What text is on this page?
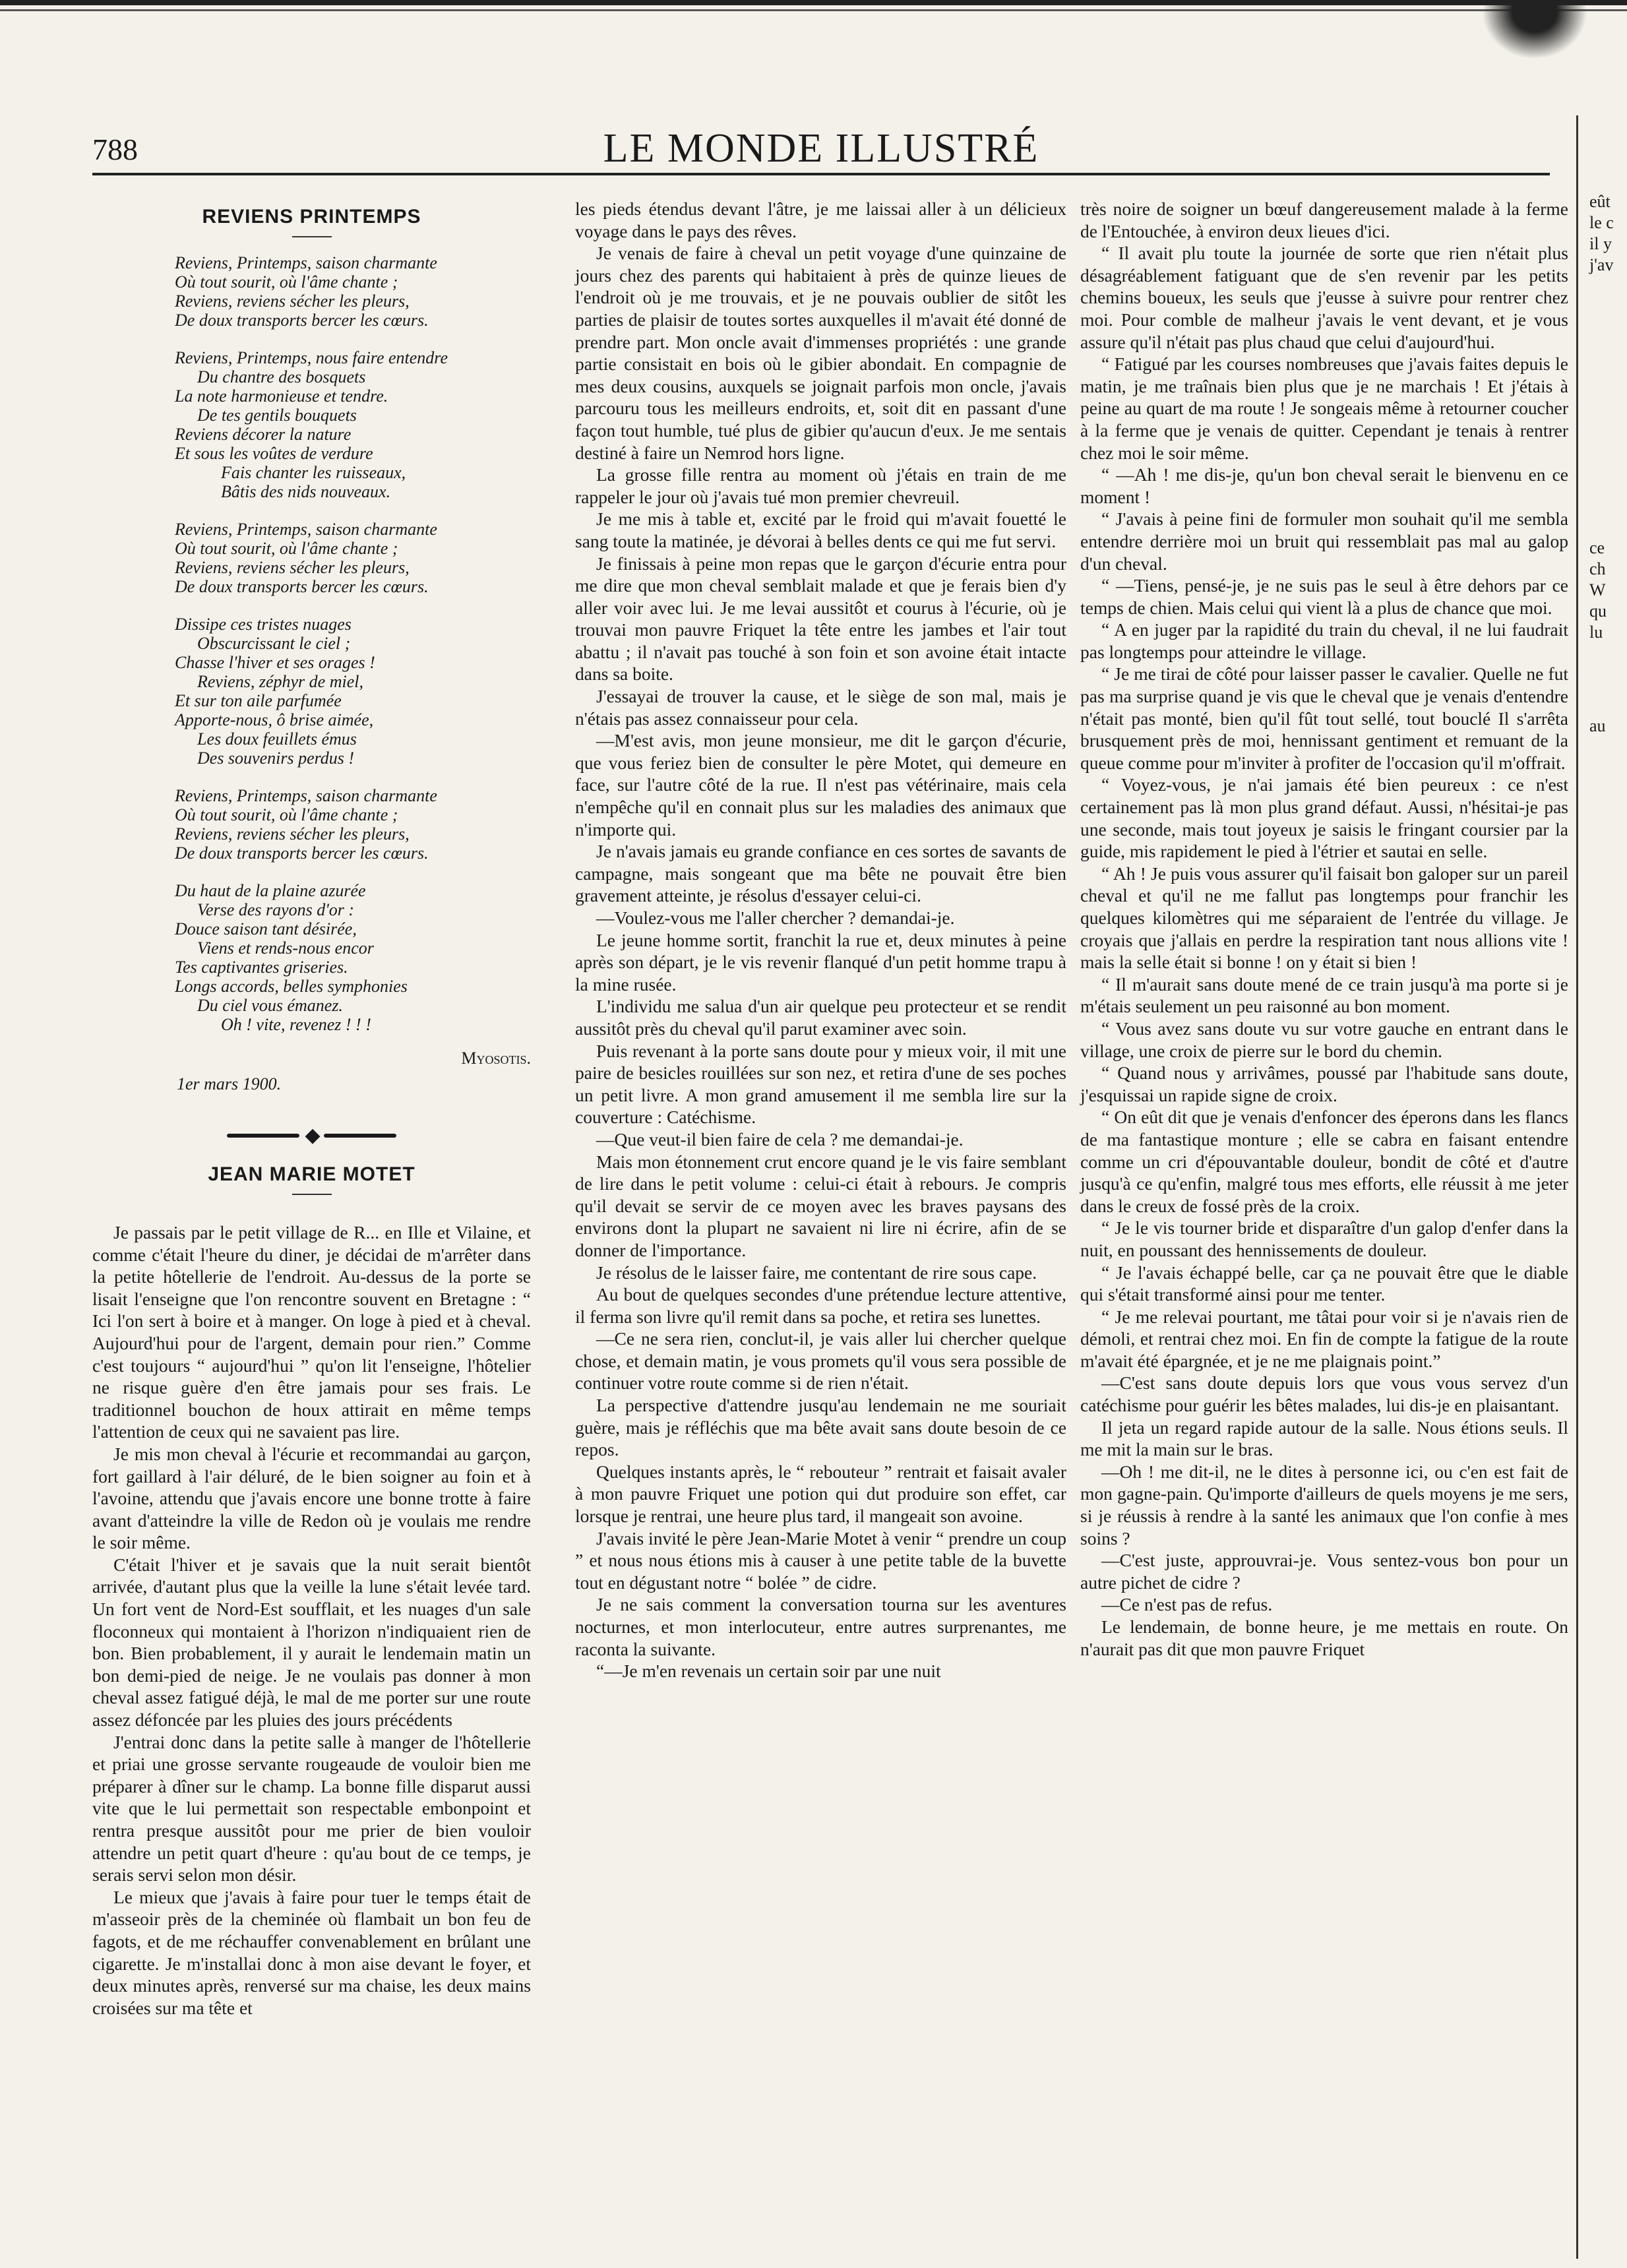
788	LE MONDE ILLUSTRÉ
REVIENS PRINTEMPS
Reviens, Printemps, saison charmante
Où tout sourit, où l'âme chante ;
Reviens, reviens sécher les pleurs,
De doux transports bercer les cœurs.
Reviens, Printemps, nous faire entendre
Du chantre des bosquets
La note harmonieuse et tendre.
De tes gentils bouquets
Reviens décorer la nature
Et sous les voûtes de verdure
Fais chanter les ruisseaux,
Bâtis des nids nouveaux.
Reviens, Printemps, saison charmante
Où tout sourit, où l'âme chante ;
Reviens, reviens sécher les pleurs,
De doux transports bercer les cœurs.
Dissipe ces tristes nuages
Obscurcissant le ciel ;
Chasse l'hiver et ses orages !
Reviens, zéphyr de miel,
Et sur ton aile parfumée
Apporte-nous, ô brise aimée,
Les doux feuillets émus
Des souvenirs perdus !
Reviens, Printemps, saison charmante
Où tout sourit, où l'âme chante ;
Reviens, reviens sécher les pleurs,
De doux transports bercer les cœurs.
Du haut de la plaine azurée
Verse des rayons d'or :
Douce saison tant désirée,
Viens et rends-nous encor
Tes captivantes griseries.
Longs accords, belles symphonies
Du ciel vous émanez.
Oh ! vite, revenez ! ! !
Myosotis.
1er mars 1900.
◆
JEAN MARIE MOTET

Je passais par le petit village de R... en Ille et Vilaine, et comme c'était l'heure du diner, je décidai de m'arrêter dans la petite hôtellerie de l'endroit. Au-dessus de la porte se lisait l'enseigne que l'on rencontre souvent en Bretagne : “ Ici l'on sert à boire et à manger. On loge à pied et à cheval. Aujourd'hui pour de l'argent, demain pour rien.” Comme c'est toujours “ aujourd'hui ” qu'on lit l'enseigne, l'hôtelier ne risque guère d'en être jamais pour ses frais. Le traditionnel bouchon de houx attirait en même temps l'attention de ceux qui ne savaient pas lire.

Je mis mon cheval à l'écurie et recommandai au garçon, fort gaillard à l'air déluré, de le bien soigner au foin et à l'avoine, attendu que j'avais encore une bonne trotte à faire avant d'atteindre la ville de Redon où je voulais me rendre le soir même.

C'était l'hiver et je savais que la nuit serait bientôt arrivée, d'autant plus que la veille la lune s'était levée tard. Un fort vent de Nord-Est soufflait, et les nuages d'un sale floconneux qui montaient à l'horizon n'indiquaient rien de bon. Bien probablement, il y aurait le lendemain matin un bon demi-pied de neige. Je ne voulais pas donner à mon cheval assez fatigué déjà, le mal de me porter sur une route assez défoncée par les pluies des jours précédents

J'entrai donc dans la petite salle à manger de l'hôtellerie et priai une grosse servante rougeaude de vouloir bien me préparer à dîner sur le champ. La bonne fille disparut aussi vite que le lui permettait son respectable embonpoint et rentra presque aussitôt pour me prier de bien vouloir attendre un petit quart d'heure : qu'au bout de ce temps, je serais servi selon mon désir.

Le mieux que j'avais à faire pour tuer le temps était de m'asseoir près de la cheminée où flambait un bon feu de fagots, et de me réchauffer convenablement en brûlant une cigarette. Je m'installai donc à mon aise devant le foyer, et deux minutes après, renversé sur ma chaise, les deux mains croisées sur ma tête et

les pieds étendus devant l'âtre, je me laissai aller à un délicieux voyage dans le pays des rêves.

Je venais de faire à cheval un petit voyage d'une quinzaine de jours chez des parents qui habitaient à près de quinze lieues de l'endroit où je me trouvais, et je ne pouvais oublier de sitôt les parties de plaisir de toutes sortes auxquelles il m'avait été donné de prendre part. Mon oncle avait d'immenses propriétés : une grande partie consistait en bois où le gibier abondait. En compagnie de mes deux cousins, auxquels se joignait parfois mon oncle, j'avais parcouru tous les meilleurs endroits, et, soit dit en passant d'une façon tout humble, tué plus de gibier qu'aucun d'eux. Je me sentais destiné à faire un Nemrod hors ligne.

La grosse fille rentra au moment où j'étais en train de me rappeler le jour où j'avais tué mon premier chevreuil.

Je me mis à table et, excité par le froid qui m'avait fouetté le sang toute la matinée, je dévorai à belles dents ce qui me fut servi.

Je finissais à peine mon repas que le garçon d'écurie entra pour me dire que mon cheval semblait malade et que je ferais bien d'y aller voir avec lui. Je me levai aussitôt et courus à l'écurie, où je trouvai mon pauvre Friquet la tête entre les jambes et l'air tout abattu ; il n'avait pas touché à son foin et son avoine était intacte dans sa boite.

J'essayai de trouver la cause, et le siège de son mal, mais je n'étais pas assez connaisseur pour cela.

—M'est avis, mon jeune monsieur, me dit le garçon d'écurie, que vous feriez bien de consulter le père Motet, qui demeure en face, sur l'autre côté de la rue. Il n'est pas vétérinaire, mais cela n'empêche qu'il en connait plus sur les maladies des animaux que n'importe qui.

Je n'avais jamais eu grande confiance en ces sortes de savants de campagne, mais songeant que ma bête ne pouvait être bien gravement atteinte, je résolus d'essayer celui-ci.

—Voulez-vous me l'aller chercher ? demandai-je.

Le jeune homme sortit, franchit la rue et, deux minutes à peine après son départ, je le vis revenir flanqué d'un petit homme trapu à la mine rusée.

L'individu me salua d'un air quelque peu protecteur et se rendit aussitôt près du cheval qu'il parut examiner avec soin.

Puis revenant à la porte sans doute pour y mieux voir, il mit une paire de besicles rouillées sur son nez, et retira d'une de ses poches un petit livre. A mon grand amusement il me sembla lire sur la couverture : Catéchisme.

—Que veut-il bien faire de cela ? me demandai-je.

Mais mon étonnement crut encore quand je le vis faire semblant de lire dans le petit volume : celui-ci était à rebours. Je compris qu'il devait se servir de ce moyen avec les braves paysans des environs dont la plupart ne savaient ni lire ni écrire, afin de se donner de l'importance.

Je résolus de le laisser faire, me contentant de rire sous cape.

Au bout de quelques secondes d'une prétendue lecture attentive, il ferma son livre qu'il remit dans sa poche, et retira ses lunettes.

—Ce ne sera rien, conclut-il, je vais aller lui chercher quelque chose, et demain matin, je vous promets qu'il vous sera possible de continuer votre route comme si de rien n'était.

La perspective d'attendre jusqu'au lendemain ne me souriait guère, mais je réfléchis que ma bête avait sans doute besoin de ce repos.

Quelques instants après, le “ rebouteur ” rentrait et faisait avaler à mon pauvre Friquet une potion qui dut produire son effet, car lorsque je rentrai, une heure plus tard, il mangeait son avoine.

J'avais invité le père Jean-Marie Motet à venir “ prendre un coup ” et nous nous étions mis à causer à une petite table de la buvette tout en dégustant notre “ bolée ” de cidre.

Je ne sais comment la conversation tourna sur les aventures nocturnes, et mon interlocuteur, entre autres surprenantes, me raconta la suivante.

“—Je m'en revenais un certain soir par une nuit

très noire de soigner un bœuf dangereusement malade à la ferme de l'Entouchée, à environ deux lieues d'ici.

“ Il avait plu toute la journée de sorte que rien n'était plus désagréablement fatiguant que de s'en revenir par les petits chemins boueux, les seuls que j'eusse à suivre pour rentrer chez moi. Pour comble de malheur j'avais le vent devant, et je vous assure qu'il n'était pas plus chaud que celui d'aujourd'hui.

“ Fatigué par les courses nombreuses que j'avais faites depuis le matin, je me traînais bien plus que je ne marchais ! Et j'étais à peine au quart de ma route ! Je songeais même à retourner coucher à la ferme que je venais de quitter. Cependant je tenais à rentrer chez moi le soir même.

“ —Ah ! me dis-je, qu'un bon cheval serait le bienvenu en ce moment !

“ J'avais à peine fini de formuler mon souhait qu'il me sembla entendre derrière moi un bruit qui ressemblait pas mal au galop d'un cheval.

“ —Tiens, pensé-je, je ne suis pas le seul à être dehors par ce temps de chien. Mais celui qui vient là a plus de chance que moi.

“ A en juger par la rapidité du train du cheval, il ne lui faudrait pas longtemps pour atteindre le village.

“ Je me tirai de côté pour laisser passer le cavalier. Quelle ne fut pas ma surprise quand je vis que le cheval que je venais d'entendre n'était pas monté, bien qu'il fût tout sellé, tout bouclé Il s'arrêta brusquement près de moi, hennissant gentiment et remuant de la queue comme pour m'inviter à profiter de l'occasion qu'il m'offrait.

“ Voyez-vous, je n'ai jamais été bien peureux : ce n'est certainement pas là mon plus grand défaut. Aussi, n'hésitai-je pas une seconde, mais tout joyeux je saisis le fringant coursier par la guide, mis rapidement le pied à l'étrier et sautai en selle.

“ Ah ! Je puis vous assurer qu'il faisait bon galoper sur un pareil cheval et qu'il ne me fallut pas longtemps pour franchir les quelques kilomètres qui me séparaient de l'entrée du village. Je croyais que j'allais en perdre la respiration tant nous allions vite ! mais la selle était si bonne ! on y était si bien !

“ Il m'aurait sans doute mené de ce train jusqu'à ma porte si je m'étais seulement un peu raisonné au bon moment.

“ Vous avez sans doute vu sur votre gauche en entrant dans le village, une croix de pierre sur le bord du chemin.

“ Quand nous y arrivâmes, poussé par l'habitude sans doute, j'esquissai un rapide signe de croix.

“ On eût dit que je venais d'enfoncer des éperons dans les flancs de ma fantastique monture ; elle se cabra en faisant entendre comme un cri d'épouvantable douleur, bondit de côté et d'autre jusqu'à ce qu'enfin, malgré tous mes efforts, elle réussit à me jeter dans le creux de fossé près de la croix.

“ Je le vis tourner bride et disparaître d'un galop d'enfer dans la nuit, en poussant des hennissements de douleur.

“ Je l'avais échappé belle, car ça ne pouvait être que le diable qui s'était transformé ainsi pour me tenter.

“ Je me relevai pourtant, me tâtai pour voir si je n'avais rien de démoli, et rentrai chez moi. En fin de compte la fatigue de la route m'avait été épargnée, et je ne me plaignais point.”

—C'est sans doute depuis lors que vous vous servez d'un catéchisme pour guérir les bêtes malades, lui dis-je en plaisantant.

Il jeta un regard rapide autour de la salle. Nous étions seuls. Il me mit la main sur le bras.

—Oh ! me dit-il, ne le dites à personne ici, ou c'en est fait de mon gagne-pain. Qu'importe d'ailleurs de quels moyens je me sers, si je réussis à rendre à la santé les animaux que l'on confie à mes soins ?

—C'est juste, approuvrai-je. Vous sentez-vous bon pour un autre pichet de cidre ?

—Ce n'est pas de refus.

Le lendemain, de bonne heure, je me mettais en route. On n'aurait pas dit que mon pauvre Friquet

eût
le c
il y
j'av
ce
ch
W
qu
lu
au
